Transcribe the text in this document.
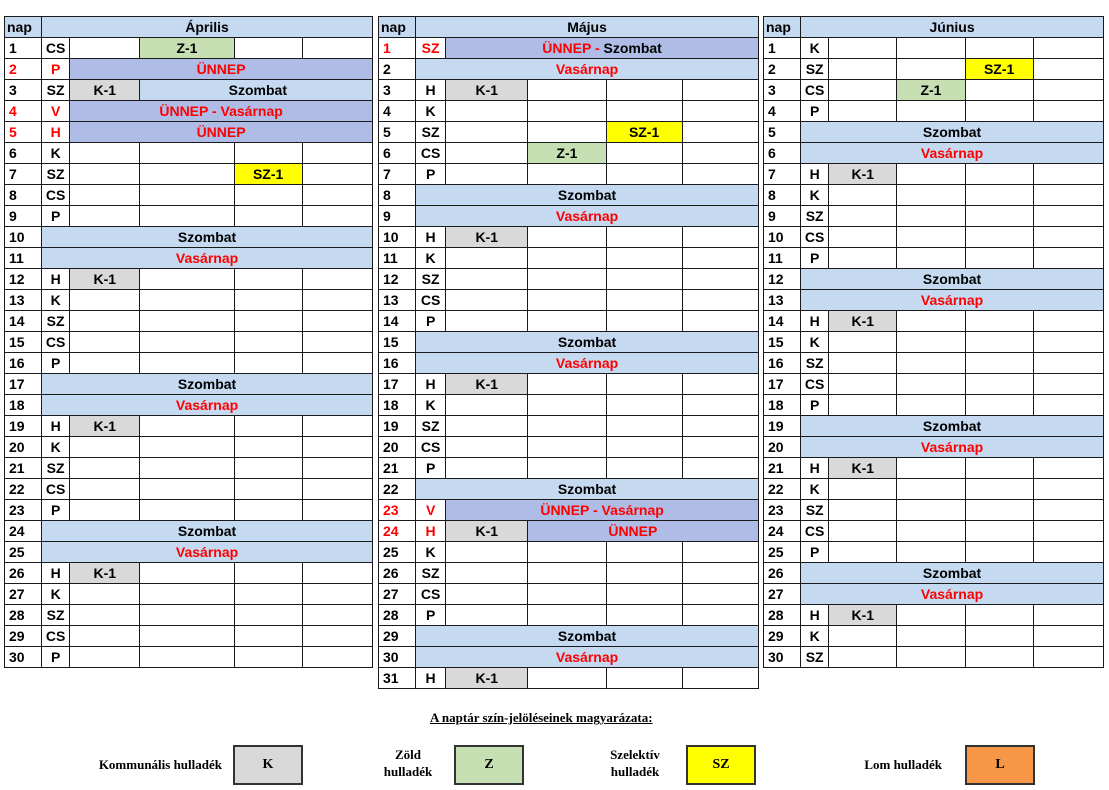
nap	Április				
1	CS		Z-1		
2	P	ÜNNEP			
3	SZ	K-1	Szombat		
4	V	ÜNNEP - Vasárnap			
5	H	ÜNNEP			
6	K				
7	SZ			SZ-1	
8	CS				
9	P				
10	Szombat				
11	Vasárnap				
12	H	K-1			
13	K				
14	SZ				
15	CS				
16	P				
17	Szombat				
18	Vasárnap				
19	H	K-1			
20	K				
21	SZ				
22	CS				
23	P				
24	Szombat				
25	Vasárnap				
26	H	K-1			
27	K				
28	SZ				
29	CS				
30	P				
nap	Május				
1	SZ	ÜNNEP - Szombat			
2	Vasárnap				
3	H	K-1			
4	K				
5	SZ			SZ-1	
6	CS		Z-1		
7	P				
8	Szombat				
9	Vasárnap				
10	H	K-1			
11	K				
12	SZ				
13	CS				
14	P				
15	Szombat				
16	Vasárnap				
17	H	K-1			
18	K				
19	SZ				
20	CS				
21	P				
22	Szombat				
23	V	ÜNNEP - Vasárnap			
24	H	K-1	ÜNNEP		
25	K				
26	SZ				
27	CS				
28	P				
29	Szombat				
30	Vasárnap				
31	H	K-1			
nap	Június				
1	K				
2	SZ			SZ-1	
3	CS		Z-1		
4	P				
5	Szombat				
6	Vasárnap				
7	H	K-1			
8	K				
9	SZ				
10	CS				
11	P				
12	Szombat				
13	Vasárnap				
14	H	K-1			
15	K				
16	SZ				
17	CS				
18	P				
19	Szombat				
20	Vasárnap				
21	H	K-1			
22	K				
23	SZ				
24	CS				
25	P				
26	Szombat				
27	Vasárnap				
28	H	K-1			
29	K				
30	SZ				
A naptár szín-jelöléseinek magyarázata:
Kommunális hulladék	K
Zöld hulladék	Z
Szelektív hulladék	SZ	Lom hulladék	L
